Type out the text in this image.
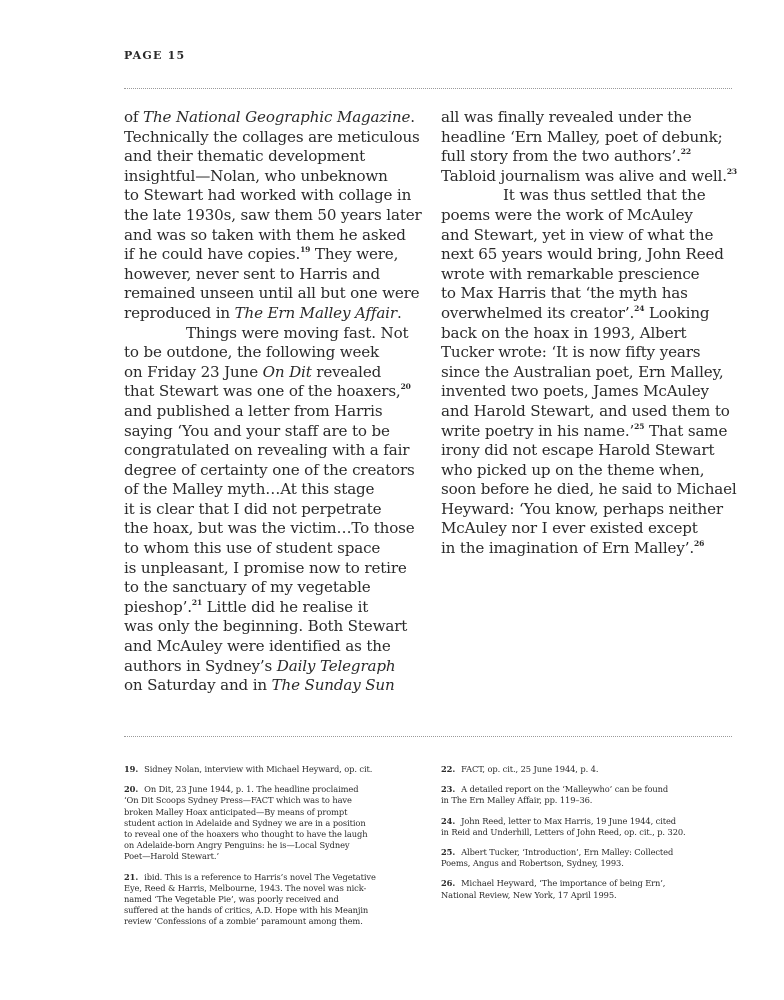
PAGE 15
of The National Geographic Magazine.
Technically the collages are meticulous
and their thematic development
insightful—Nolan, who unbeknown
to Stewart had worked with collage in
the late 1930s, saw them 50 years later
and was so taken with them he asked
if he could have copies.$^{19}$ They were,
however, never sent to Harris and
remained unseen until all but one were
reproduced in The Ern Malley Affair.
Things were moving fast. Not
to be outdone, the following week
on Friday 23 June On Dit revealed
that Stewart was one of the hoaxers,$^{20}$
and published a letter from Harris
saying ‘You and your staff are to be
congratulated on revealing with a fair
degree of certainty one of the creators
of the Malley myth…At this stage
it is clear that I did not perpetrate
the hoax, but was the victim…To those
to whom this use of student space
is unpleasant, I promise now to retire
to the sanctuary of my vegetable
pieshop’.$^{21}$ Little did he realise it
was only the beginning. Both Stewart
and McAuley were identified as the
authors in Sydney’s Daily Telegraph
on Saturday and in The Sunday Sun
all was finally revealed under the
headline ‘Ern Malley, poet of debunk;
full story from the two authors’.$^{22}$
Tabloid journalism was alive and well.$^{23}$
It was thus settled that the
poems were the work of McAuley
and Stewart, yet in view of what the
next 65 years would bring, John Reed
wrote with remarkable prescience
to Max Harris that ‘the myth has
overwhelmed its creator’.$^{24}$ Looking
back on the hoax in 1993, Albert
Tucker wrote: ‘It is now fifty years
since the Australian poet, Ern Malley,
invented two poets, James McAuley
and Harold Stewart, and used them to
write poetry in his name.’$^{25}$ That same
irony did not escape Harold Stewart
who picked up on the theme when,
soon before he died, he said to Michael
Heyward: ‘You know, perhaps neither
McAuley nor I ever existed except
in the imagination of Ern Malley’.$^{26}$
19. Sidney Nolan, interview with Michael Heyward, op. cit.
20. On Dit, 23 June 1944, p. 1. The headline proclaimed
‘On Dit Scoops Sydney Press—FACT which was to have
broken Malley Hoax anticipated—By means of prompt
student action in Adelaide and Sydney we are in a position
to reveal one of the hoaxers who thought to have the laugh
on Adelaide-born Angry Penguins: he is—Local Sydney
Poet—Harold Stewart.’
21. ibid. This is a reference to Harris’s novel The Vegetative
Eye, Reed & Harris, Melbourne, 1943. The novel was nick-
named ‘The Vegetable Pie’, was poorly received and
suffered at the hands of critics, A.D. Hope with his Meanjin
review ‘Confessions of a zombie’ paramount among them.
22. FACT, op. cit., 25 June 1944, p. 4.
23. A detailed report on the ‘Malleywho’ can be found
in The Ern Malley Affair, pp. 119–36.
24. John Reed, letter to Max Harris, 19 June 1944, cited
in Reid and Underhill, Letters of John Reed, op. cit., p. 320.
25. Albert Tucker, ‘Introduction’, Ern Malley: Collected
Poems, Angus and Robertson, Sydney, 1993.
26. Michael Heyward, ‘The importance of being Ern’,
National Review, New York, 17 April 1995.
